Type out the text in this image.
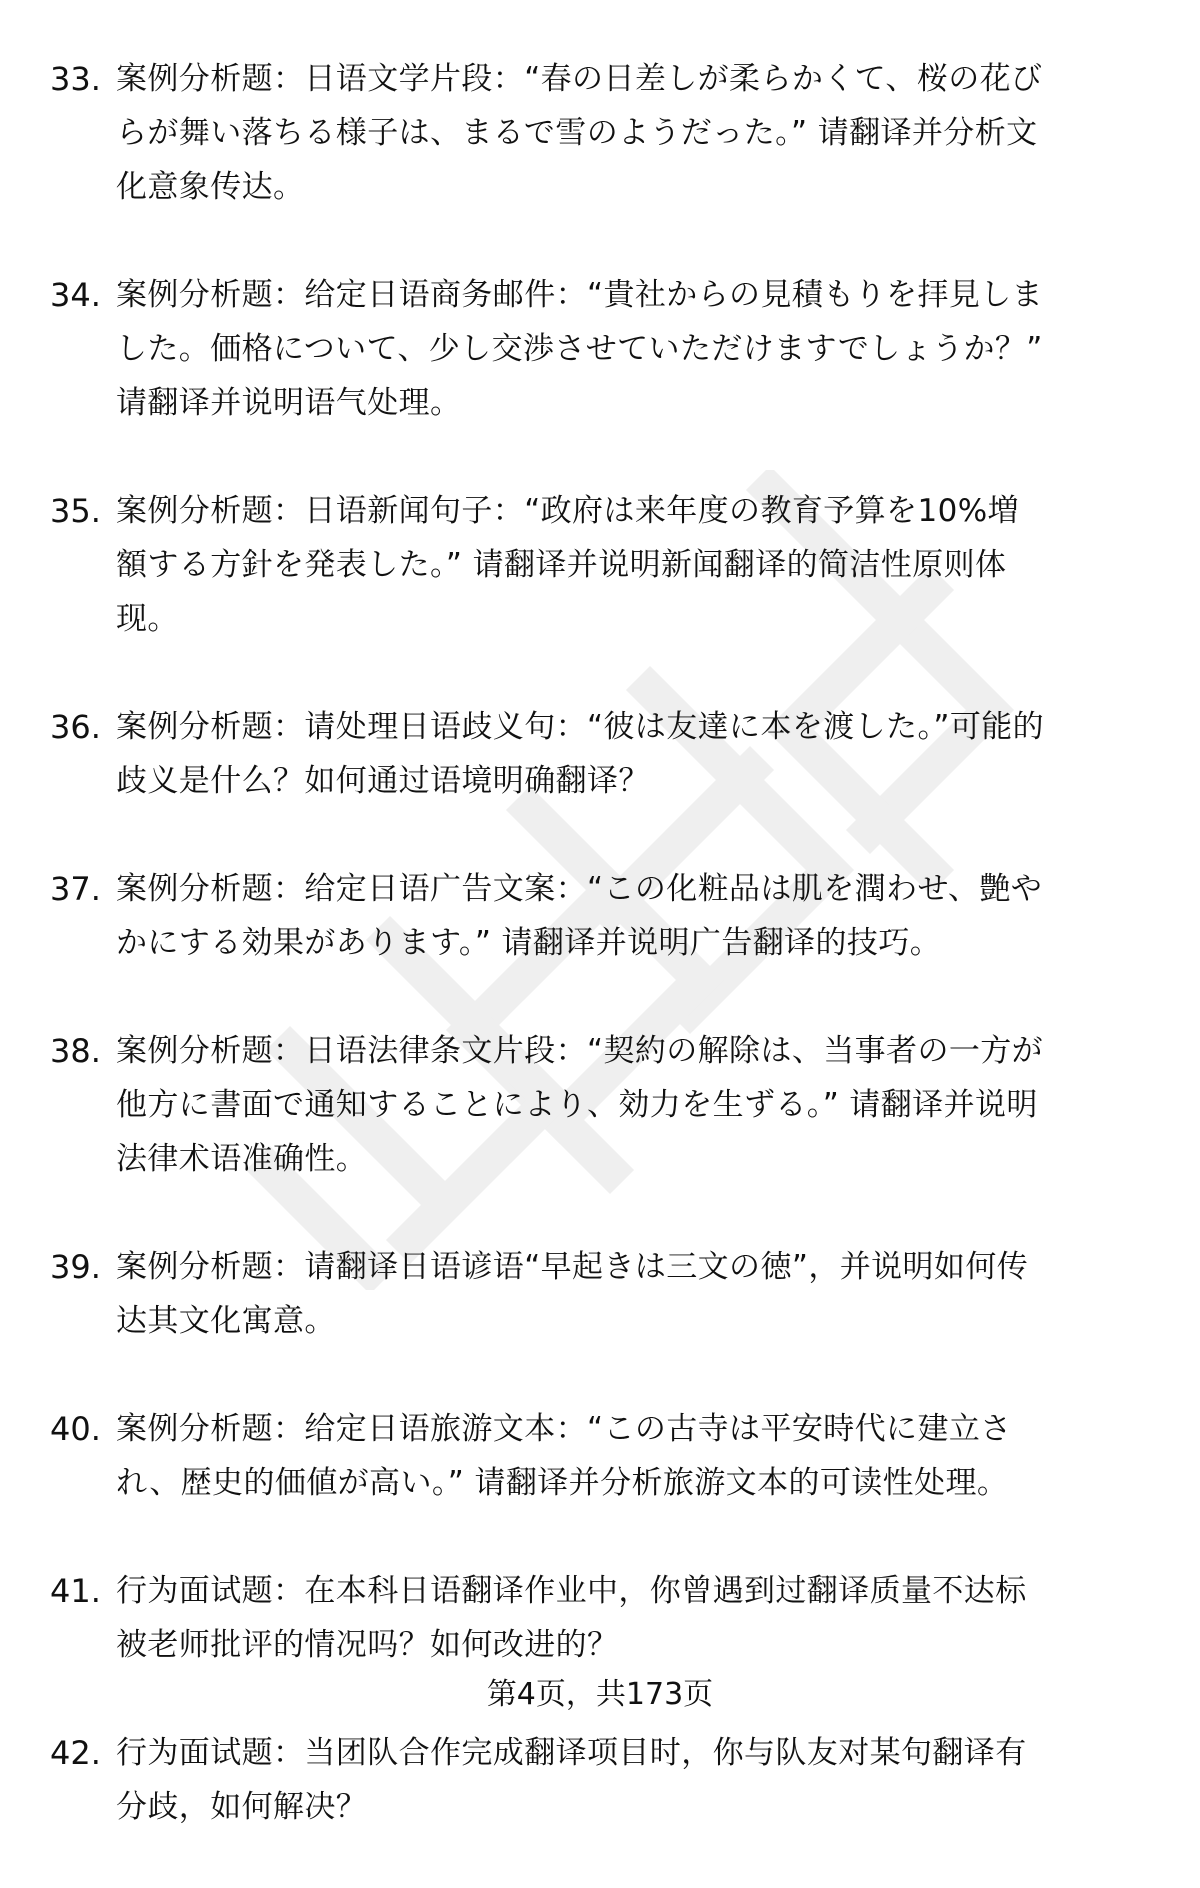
33. 案例分析题：日语文学片段：“春の日差しが柔らかくて、桜の花びらが舞い落ちる様子は、まるで雪のようだった。” 请翻译并分析文化意象传达。
34. 案例分析题：给定日语商务邮件：“貴社からの見積もりを拝見しました。価格について、少し交渉させていただけますでしょうか？” 请翻译并说明语气处理。
35. 案例分析题：日语新闻句子：“政府は来年度の教育予算を10%増額する方針を発表した。” 请翻译并说明新闻翻译的简洁性原则体现。
36. 案例分析题：请处理日语歧义句：“彼は友達に本を渡した。”可能的歧义是什么？如何通过语境明确翻译？
37. 案例分析题：给定日语广告文案：“この化粧品は肌を潤わせ、艶やかにする効果があります。” 请翻译并说明广告翻译的技巧。
38. 案例分析题：日语法律条文片段：“契約の解除は、当事者の一方が他方に書面で通知することにより、効力を生ずる。” 请翻译并说明法律术语准确性。
39. 案例分析题：请翻译日语谚语“早起きは三文の徳”，并说明如何传达其文化寓意。
40. 案例分析题：给定日语旅游文本：“この古寺は平安時代に建立され、歴史的価値が高い。” 请翻译并分析旅游文本的可读性处理。
41. 行为面试题：在本科日语翻译作业中，你曾遇到过翻译质量不达标被老师批评的情况吗？如何改进的？
42. 行为面试题：当团队合作完成翻译项目时，你与队友对某句翻译有分歧，如何解决？
第4页，共173页
